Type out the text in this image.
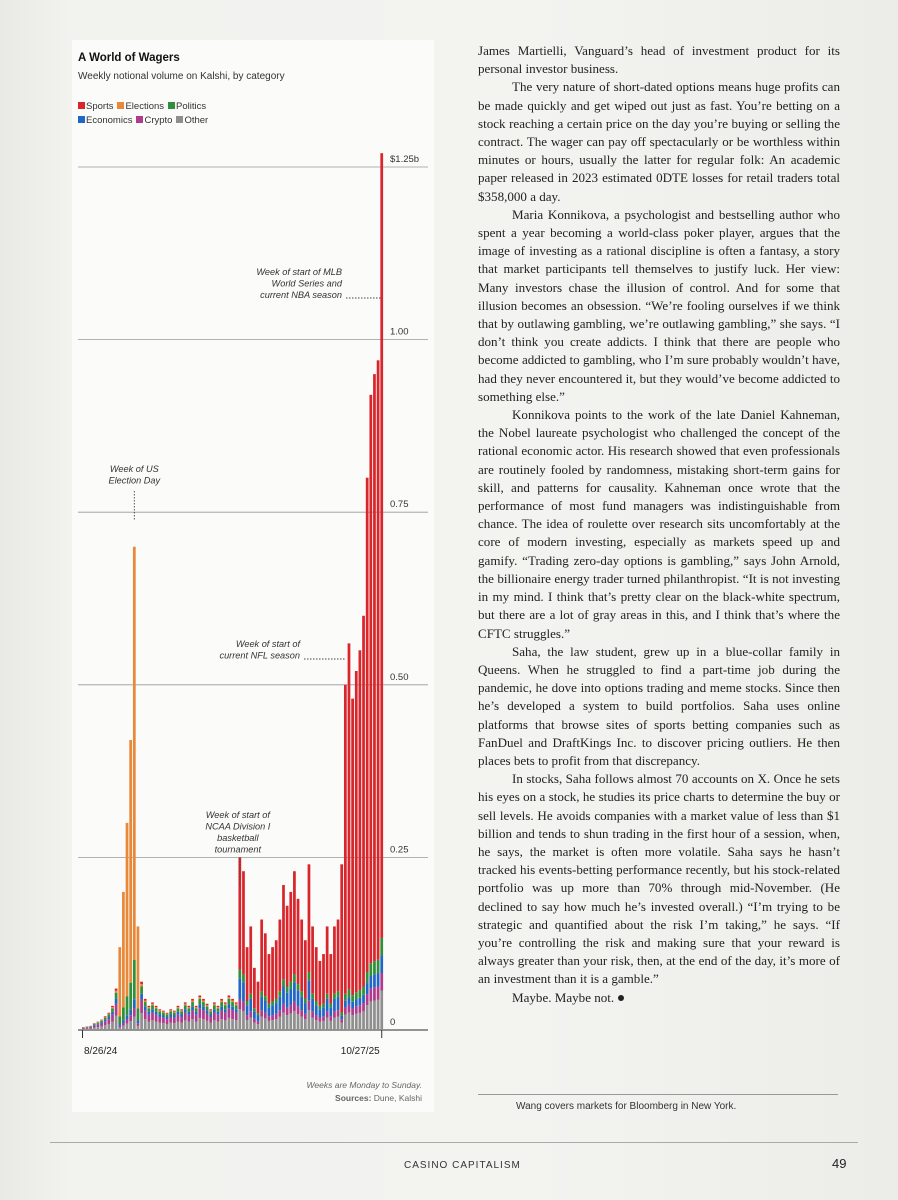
A World of Wagers
Weekly notional volume on Kalshi, by category
Sports Elections Politics
Economics Crypto Other
$1.25b
1.00
0.75
0.50
0.25
0
8/26/24	10/27/25
Week of US
Election Day
Week of start of
NCAA Division I
basketball
tournament
Week of start of
current NFL season
Week of start of MLB
World Series and
current NBA season
Weeks are Monday to Sunday.
Sources: Dune, Kalshi

James Martielli, Vanguard’s head of investment product for its personal investor business.

The very nature of short-dated options means huge profits can be made quickly and get wiped out just as fast. You’re betting on a stock reaching a certain price on the day you’re buying or selling the contract. The wager can pay off spectacularly or be worthless within minutes or hours, usually the latter for regular folk: An academic paper released in 2023 estimated 0DTE losses for retail traders total $358,000 a day.

Maria Konnikova, a psychologist and bestselling author who spent a year becoming a world-class poker player, argues that the image of investing as a rational discipline is often a fantasy, a story that market participants tell themselves to justify luck. Her view: Many investors chase the illusion of control. And for some that illusion becomes an obsession. “We’re fooling ourselves if we think that by outlawing gambling, we’re outlawing gambling,” she says. “I don’t think you create addicts. I think that there are people who become addicted to gambling, who I’m sure probably wouldn’t have, had they never encountered it, but they would’ve become addicted to something else.”

Konnikova points to the work of the late Daniel Kahneman, the Nobel laureate psychologist who challenged the concept of the rational economic actor. His research showed that even professionals are routinely fooled by randomness, mistaking short-term gains for skill, and patterns for causality. Kahneman once wrote that the performance of most fund managers was indistinguishable from chance. The idea of roulette over research sits uncomfortably at the core of modern investing, especially as markets speed up and gamify. “Trading zero-day options is gambling,” says John Arnold, the billionaire energy trader turned philanthropist. “It is not investing in my mind. I think that’s pretty clear on the black-white spectrum, but there are a lot of gray areas in this, and I think that’s where the CFTC struggles.”

Saha, the law student, grew up in a blue-collar family in Queens. When he struggled to find a part-time job during the pandemic, he dove into options trading and meme stocks. Since then he’s developed a system to build portfolios. Saha uses online platforms that browse sites of sports betting companies such as FanDuel and DraftKings Inc. to discover pricing outliers. He then places bets to profit from that discrepancy.

In stocks, Saha follows almost 70 accounts on X. Once he sets his eyes on a stock, he studies its price charts to determine the buy or sell levels. He avoids companies with a market value of less than $1 billion and tends to shun trading in the first hour of a session, when, he says, the market is often more volatile. Saha says he hasn’t tracked his events-betting performance recently, but his stock-related portfolio was up more than 70% through mid-November. (He declined to say how much he’s invested overall.) “I’m trying to be strategic and quantified about the risk I’m taking,” he says. “If you’re controlling the risk and making sure that your reward is always greater than your risk, then, at the end of the day, it’s more of an investment than it is a gamble.”

Maybe. Maybe not.

Wang covers markets for Bloomberg in New York.
CASINO CAPITALISM	49
